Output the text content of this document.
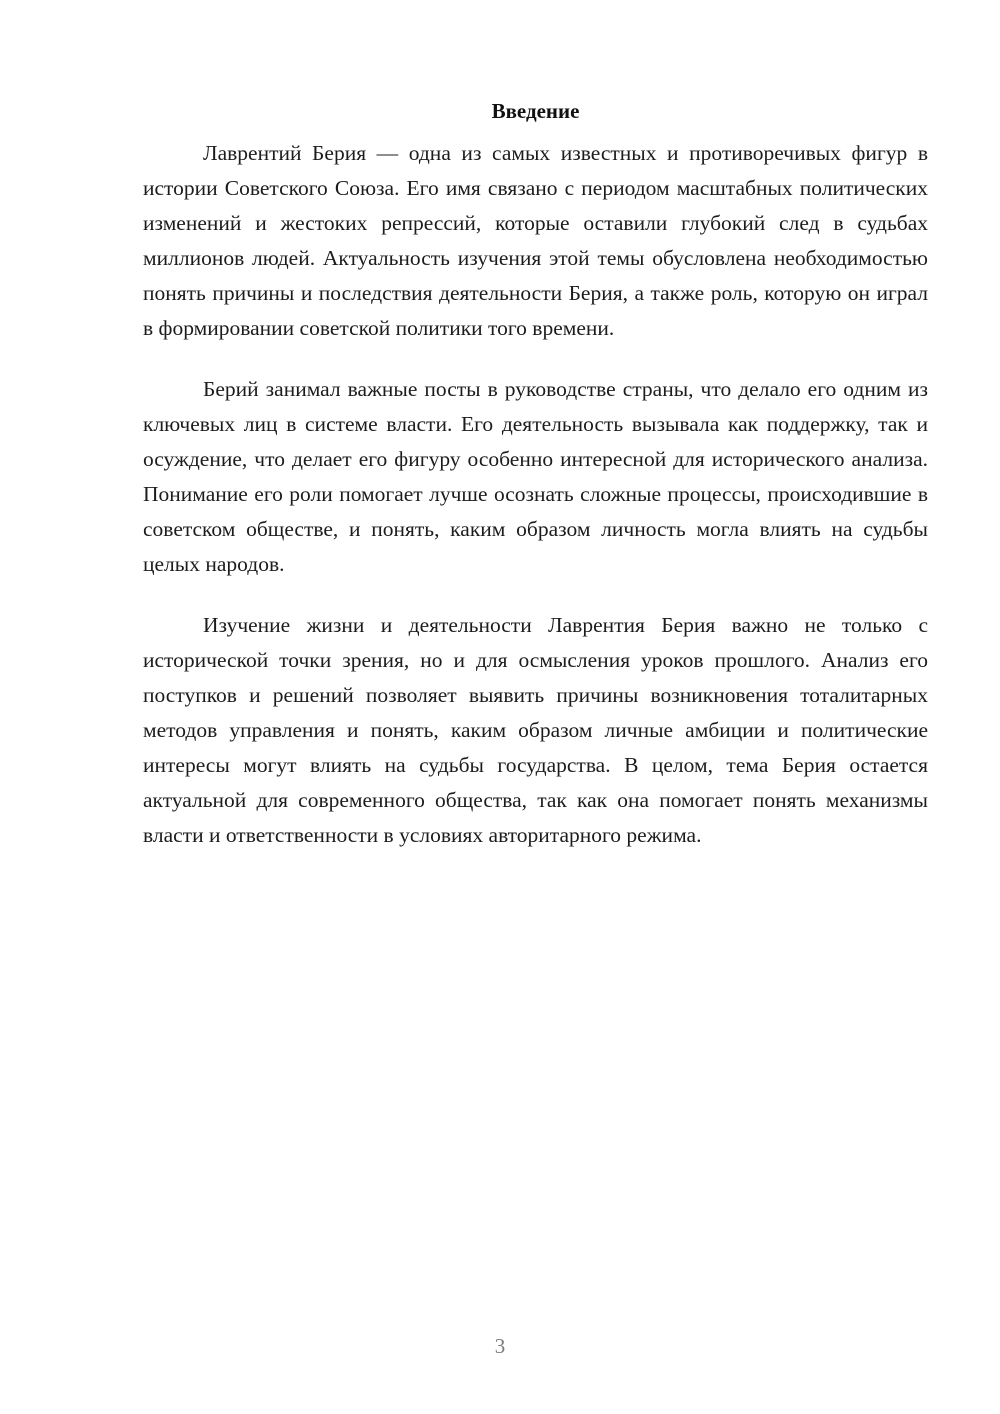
Введение

Лаврентий Берия — одна из самых известных и противоречивых фигур в истории Советского Союза. Его имя связано с периодом масштабных политических изменений и жестоких репрессий, которые оставили глубокий след в судьбах миллионов людей. Актуальность изучения этой темы обусловлена необходимостью понять причины и последствия деятельности Берия, а также роль, которую он играл в формировании советской политики того времени.

Берий занимал важные посты в руководстве страны, что делало его одним из ключевых лиц в системе власти. Его деятельность вызывала как поддержку, так и осуждение, что делает его фигуру особенно интересной для исторического анализа. Понимание его роли помогает лучше осознать сложные процессы, происходившие в советском обществе, и понять, каким образом личность могла влиять на судьбы целых народов.

Изучение жизни и деятельности Лаврентия Берия важно не только с исторической точки зрения, но и для осмысления уроков прошлого. Анализ его поступков и решений позволяет выявить причины возникновения тоталитарных методов управления и понять, каким образом личные амбиции и политические интересы могут влиять на судьбы государства. В целом, тема Берия остается актуальной для современного общества, так как она помогает понять механизмы власти и ответственности в условиях авторитарного режима.

3
